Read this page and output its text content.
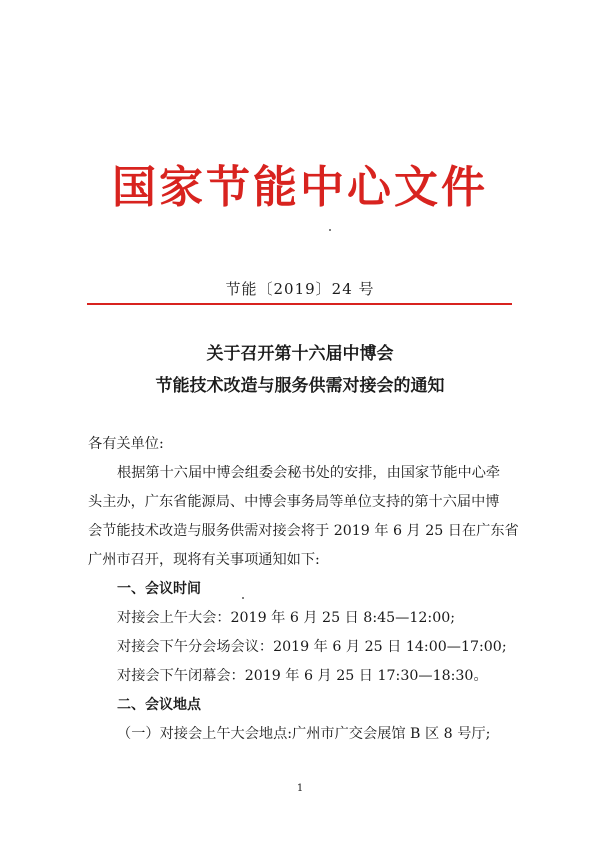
国家节能中心文件
节能〔2019〕24 号
关于召开第十六届中博会
节能技术改造与服务供需对接会的通知
各有关单位:
根据第十六届中博会组委会秘书处的安排，由国家节能中心牵
头主办，广东省能源局、中博会事务局等单位支持的第十六届中博
会节能技术改造与服务供需对接会将于 2019 年 6 月 25 日在广东省
广州市召开，现将有关事项通知如下:
一、会议时间
对接会上午大会：2019 年 6 月 25 日 8:45—12:00;
对接会下午分会场会议：2019 年 6 月 25 日 14:00—17:00;
对接会下午闭幕会：2019 年 6 月 25 日 17:30—18:30。
二、会议地点
（一）对接会上午大会地点:广州市广交会展馆 B 区 8 号厅;
1
